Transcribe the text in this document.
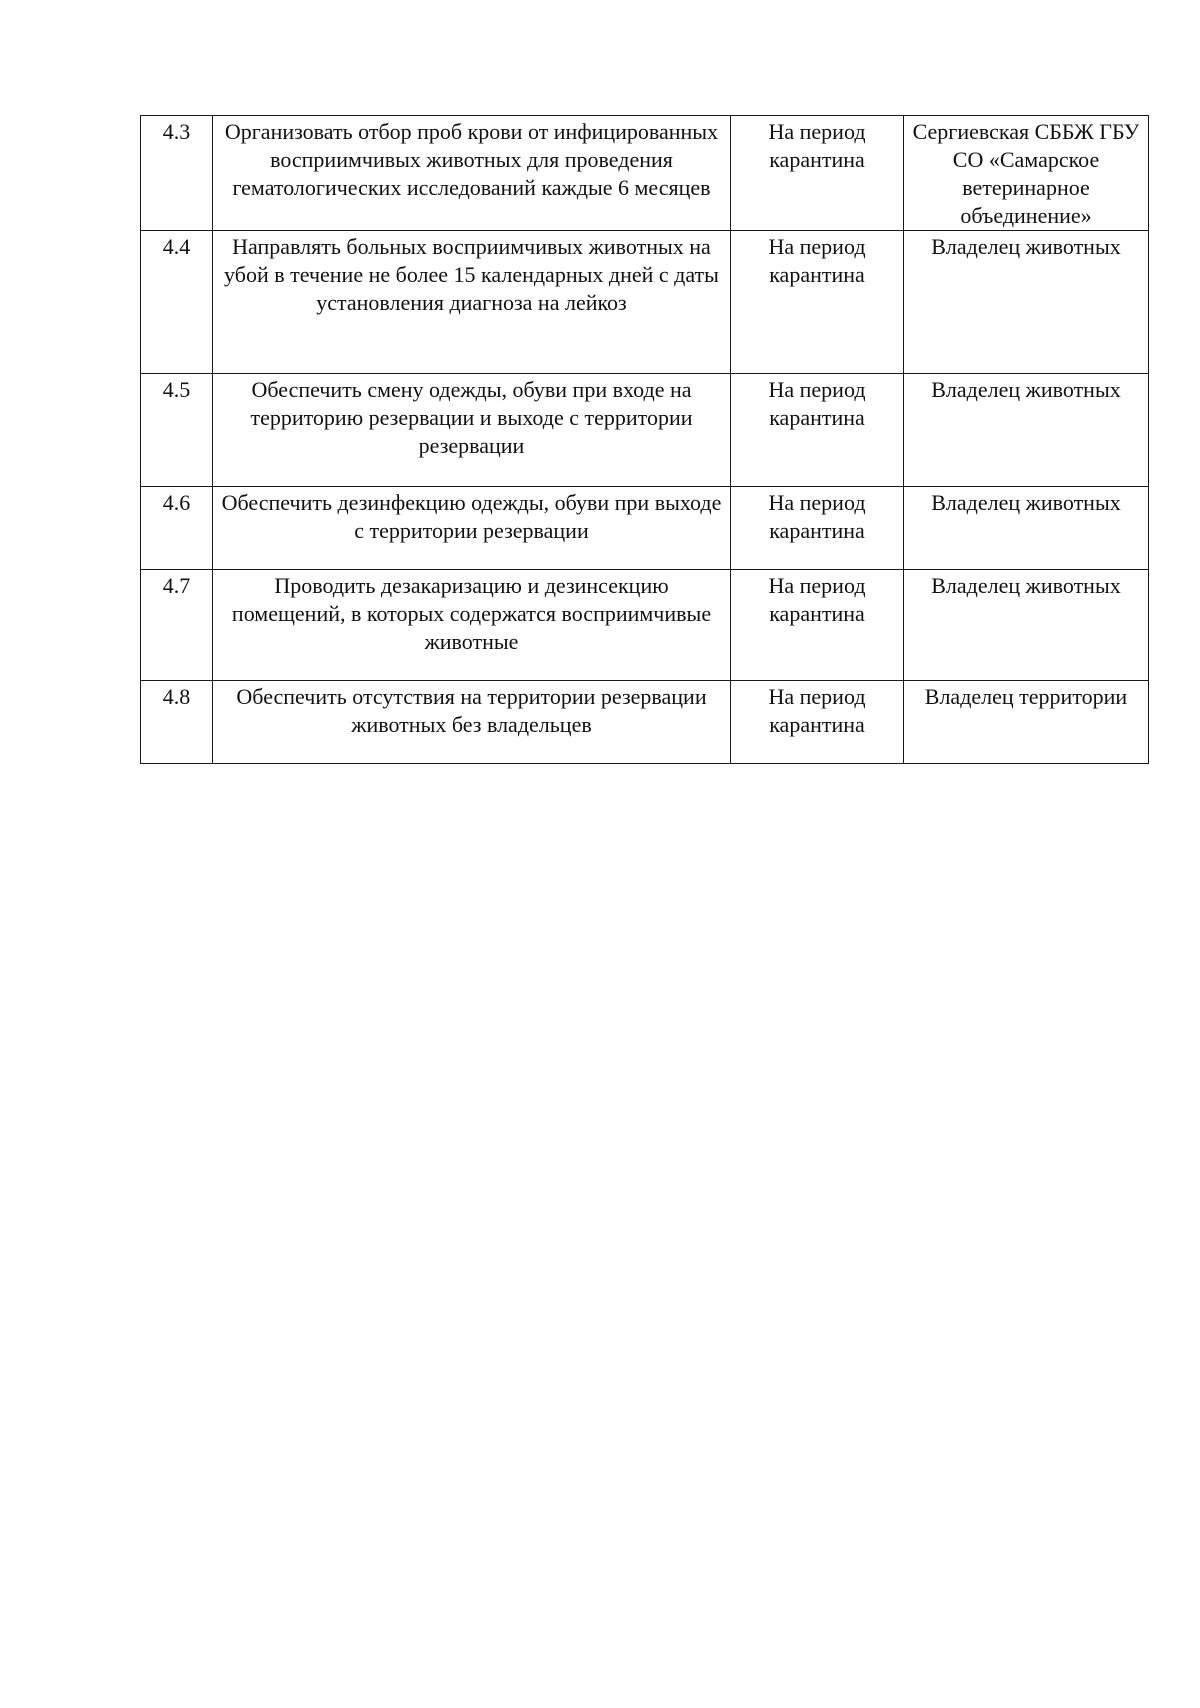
4.3	Организовать отбор проб крови от инфицированных восприимчивых животных для проведения гематологических исследований каждые 6 месяцев	На период карантина	Сергиевская СББЖ ГБУ СО «Самарское ветеринарное объединение»
4.4	Направлять больных восприимчивых животных на убой в течение не более 15 календарных дней с даты установления диагноза на лейкоз	На период карантина	Владелец животных
4.5	Обеспечить смену одежды, обуви при входе на территорию резервации и выходе с территории резервации	На период карантина	Владелец животных
4.6	Обеспечить дезинфекцию одежды, обуви при выходе с территории резервации	На период карантина	Владелец животных
4.7	Проводить дезакаризацию и дезинсекцию помещений, в которых содержатся восприимчивые животные	На период карантина	Владелец животных
4.8	Обеспечить отсутствия на территории резервации животных без владельцев	На период карантина	Владелец территории
